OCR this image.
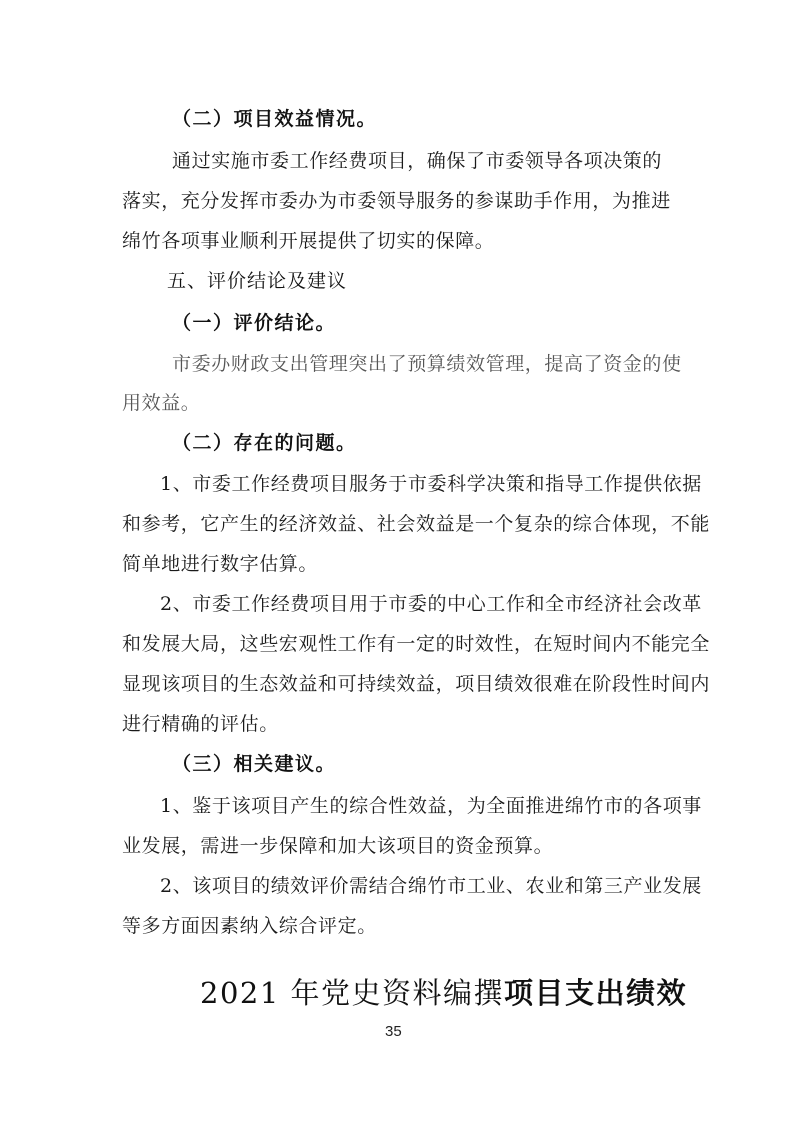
（二）项目效益情况。
通过实施市委工作经费项目，确保了市委领导各项决策的
落实，充分发挥市委办为市委领导服务的参谋助手作用，为推进
绵竹各项事业顺利开展提供了切实的保障。
五、评价结论及建议
（一）评价结论。
市委办财政支出管理突出了预算绩效管理，提高了资金的使
用效益。
（二）存在的问题。
1、市委工作经费项目服务于市委科学决策和指导工作提供依据
和参考，它产生的经济效益、社会效益是一个复杂的综合体现，不能
简单地进行数字估算。
2、市委工作经费项目用于市委的中心工作和全市经济社会改革
和发展大局，这些宏观性工作有一定的时效性，在短时间内不能完全
显现该项目的生态效益和可持续效益，项目绩效很难在阶段性时间内
进行精确的评估。
（三）相关建议。
1、鉴于该项目产生的综合性效益，为全面推进绵竹市的各项事
业发展，需进一步保障和加大该项目的资金预算。
2、该项目的绩效评价需结合绵竹市工业、农业和第三产业发展
等多方面因素纳入综合评定。
2021 年党史资料编撰项目支出绩效
35
